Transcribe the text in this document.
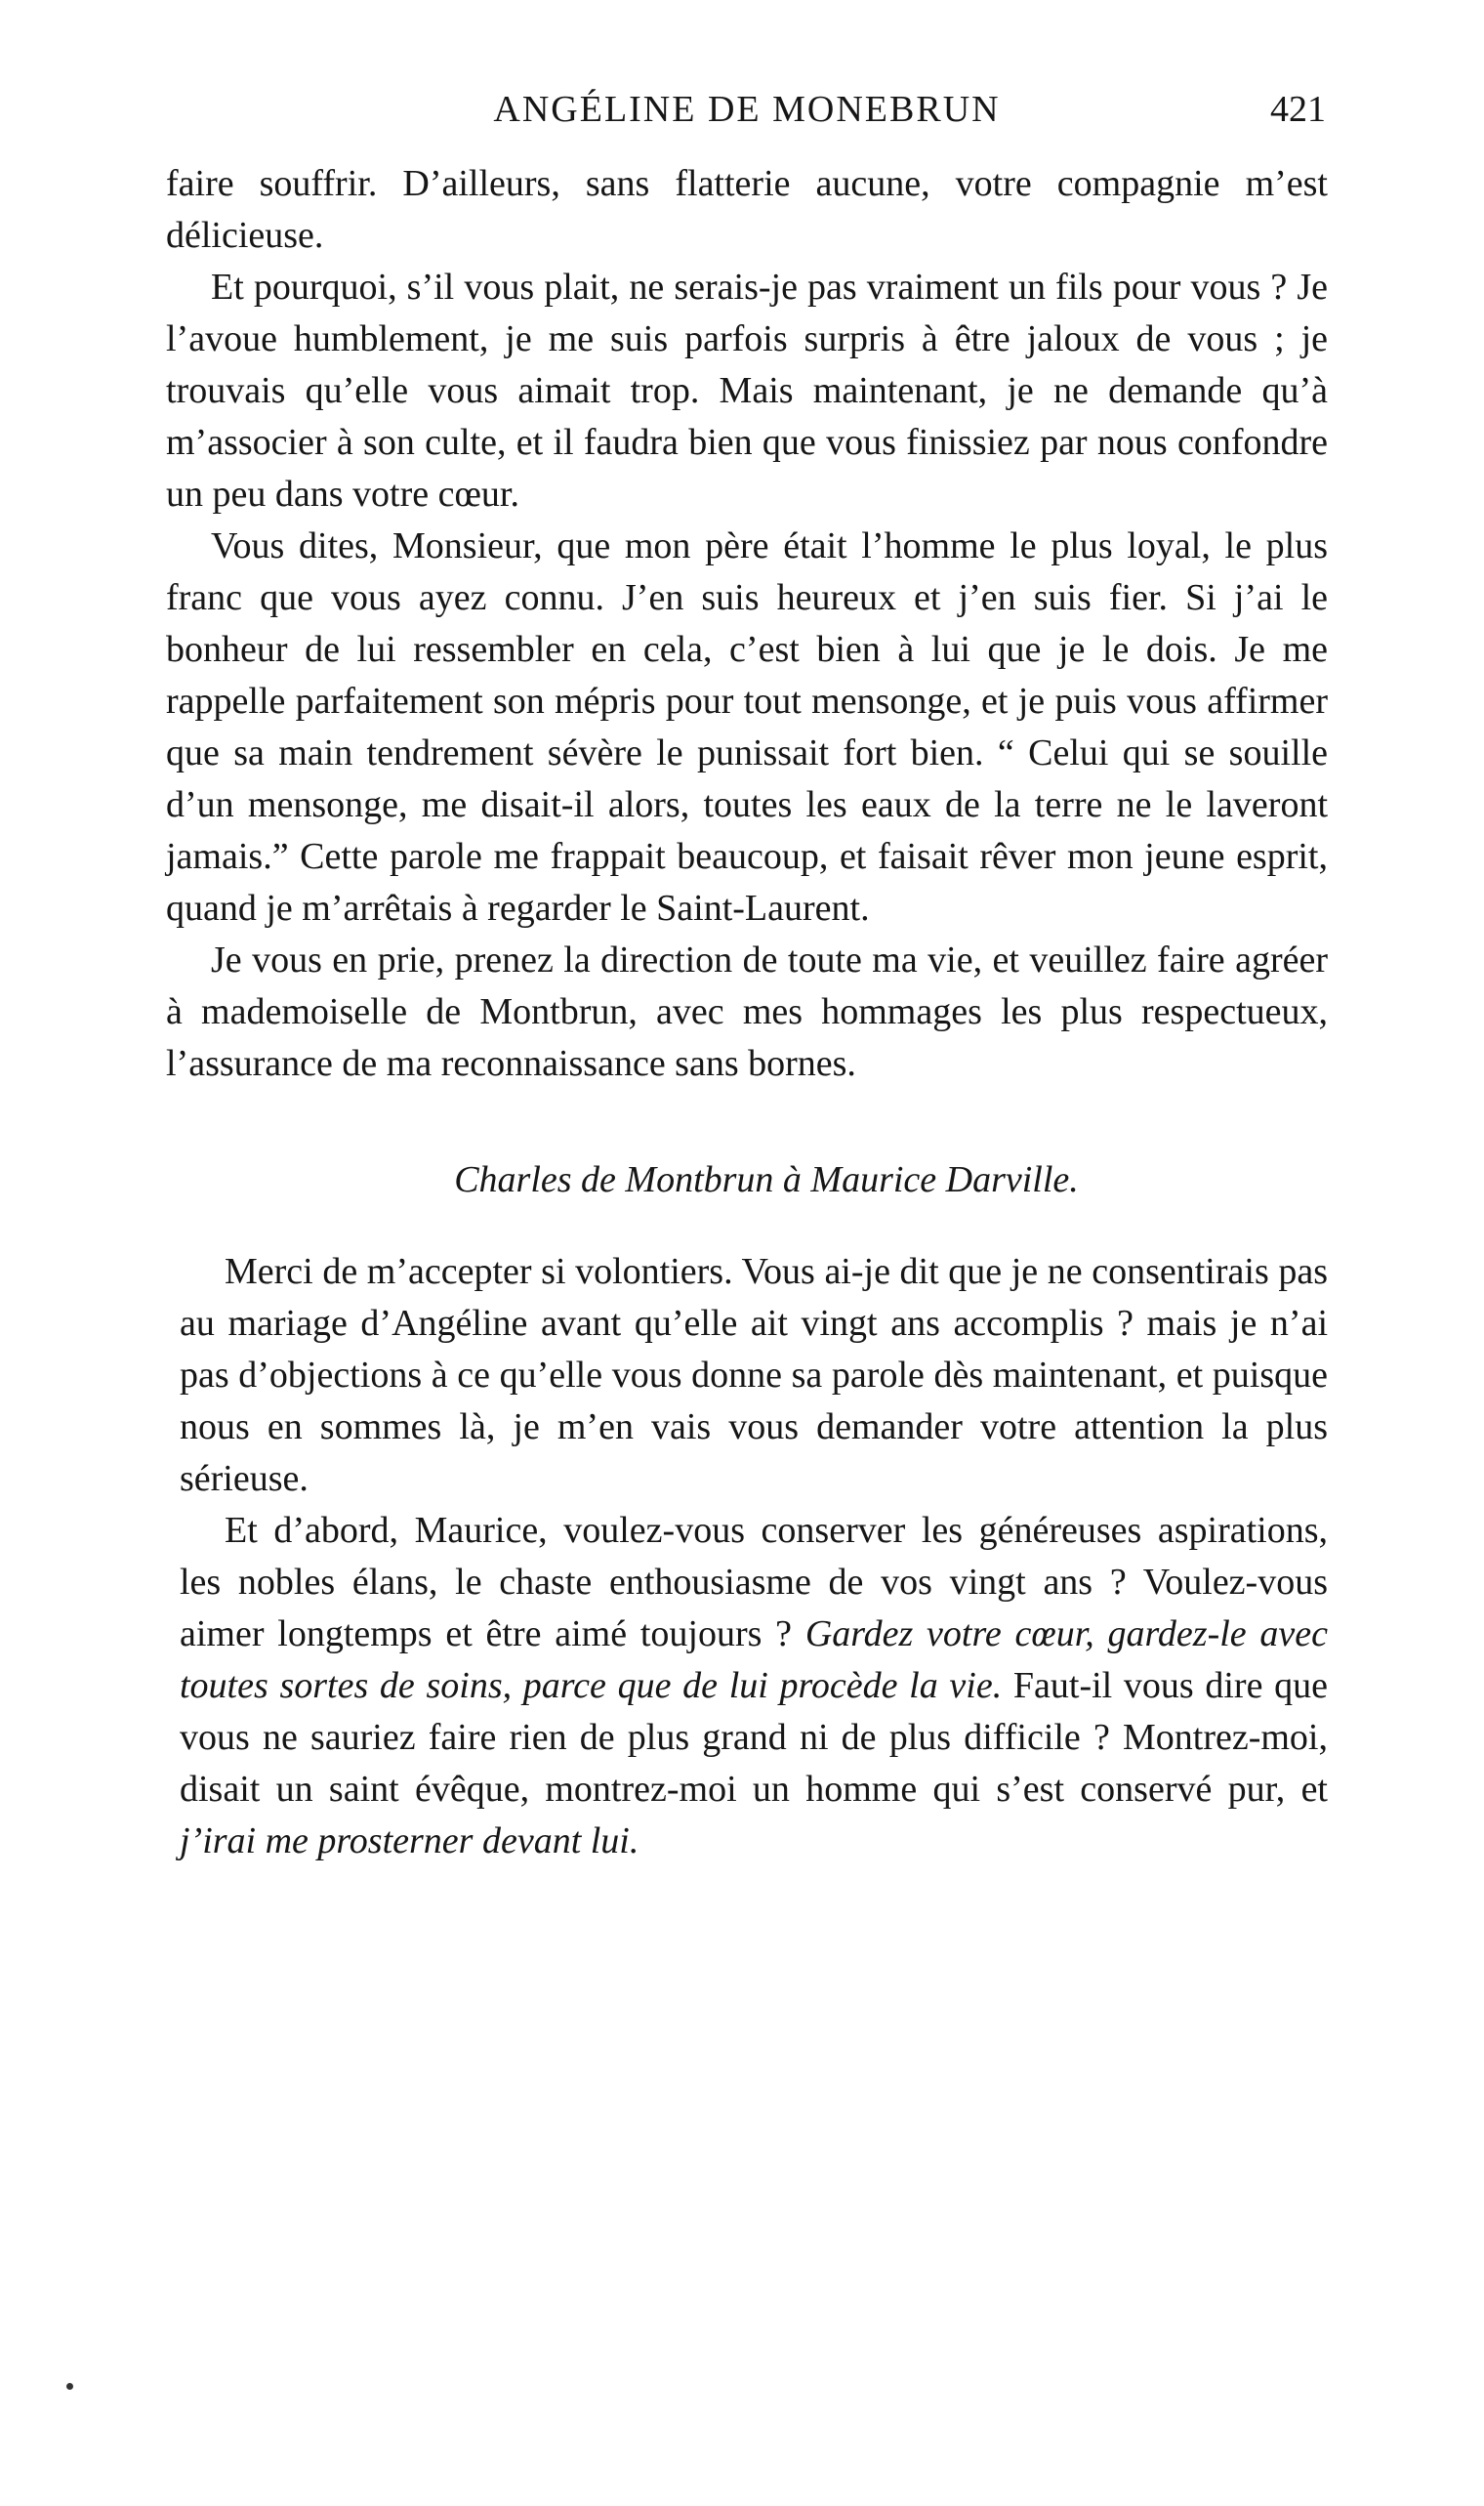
ANGÉLINE DE MONEBRUN	421

faire souffrir. D’ailleurs, sans flatterie aucune, votre compagnie m’est délicieuse.

Et pourquoi, s’il vous plait, ne serais-je pas vraiment un fils pour vous ? Je l’avoue humblement, je me suis parfois surpris à être jaloux de vous ; je trouvais qu’elle vous aimait trop. Mais maintenant, je ne demande qu’à m’associer à son culte, et il faudra bien que vous finissiez par nous confondre un peu dans votre cœur.

Vous dites, Monsieur, que mon père était l’homme le plus loyal, le plus franc que vous ayez connu. J’en suis heureux et j’en suis fier. Si j’ai le bonheur de lui ressembler en cela, c’est bien à lui que je le dois. Je me rappelle parfaitement son mépris pour tout mensonge, et je puis vous affirmer que sa main tendrement sévère le punissait fort bien. “ Celui qui se souille d’un mensonge, me disait-il alors, toutes les eaux de la terre ne le laveront jamais.” Cette parole me frappait beaucoup, et faisait rêver mon jeune esprit, quand je m’arrêtais à regarder le Saint-Laurent.

Je vous en prie, prenez la direction de toute ma vie, et veuillez faire agréer à mademoiselle de Montbrun, avec mes hommages les plus respectueux, l’assurance de ma reconnaissance sans bornes.

Charles de Montbrun à Maurice Darville.

Merci de m’accepter si volontiers. Vous ai-je dit que je ne consentirais pas au mariage d’Angéline avant qu’elle ait vingt ans accomplis ? mais je n’ai pas d’objections à ce qu’elle vous donne sa parole dès maintenant, et puisque nous en sommes là, je m’en vais vous demander votre attention la plus sérieuse.

Et d’abord, Maurice, voulez-vous conserver les généreuses aspirations, les nobles élans, le chaste enthousiasme de vos vingt ans ? Voulez-vous aimer longtemps et être aimé toujours ? Gardez votre cœur, gardez-le avec toutes sortes de soins, parce que de lui procède la vie. Faut-il vous dire que vous ne sauriez faire rien de plus grand ni de plus difficile ? Montrez-moi, disait un saint évêque, montrez-moi un homme qui s’est conservé pur, et j’irai me prosterner devant lui.
